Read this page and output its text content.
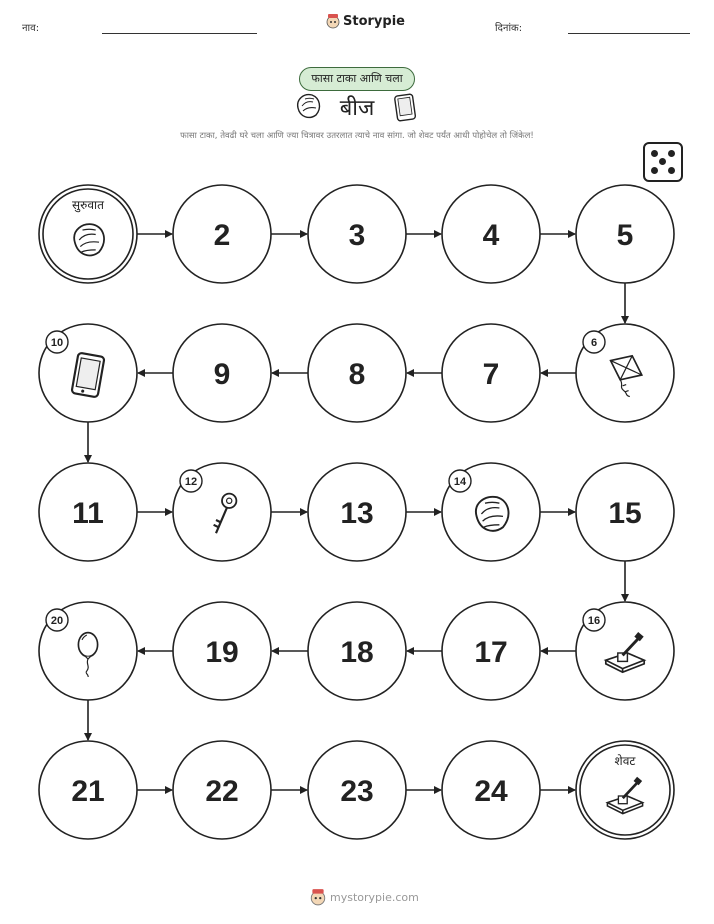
नाव:	Storypie	दिनांक:
फासा टाका आणि चला
बीज
फासा टाका, तेवढी घरे चला आणि ज्या चित्रावर उतरलात त्याचे नाव सांगा. जो शेवट पर्यंत आधी पोहोचेल तो जिंकेल!
सुरुवात
2	3	4	5
6
7
8
9
10
11
12
13
14
15
16
17
18
19
20
21	22	23	24
शेवट
mystorypie.com
